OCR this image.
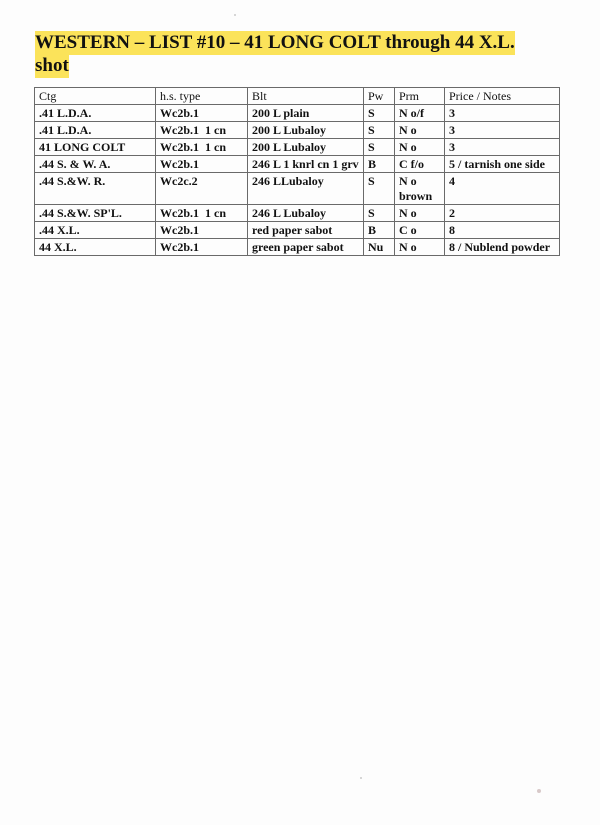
WESTERN – LIST #10 – 41 LONG COLT through 44 X.L.
shot
Ctg	h.s. type	Blt	Pw	Prm	Price / Notes
.41 L.D.A.	Wc2b.1	200 L plain	S	N o/f	3
.41 L.D.A.	Wc2b.1  1 cn	200 L Lubaloy	S	N o	3
41 LONG COLT	Wc2b.1  1 cn	200 L Lubaloy	S	N o	3
.44 S. & W. A.	Wc2b.1	246 L 1 knrl cn 1 grv	B	C f/o	5 / tarnish one side
.44 S.&W. R.	Wc2c.2	246 LLubaloy	S	N o brown	4
.44 S.&W. SP'L.	Wc2b.1  1 cn	246 L Lubaloy	S	N o	2
.44 X.L.	Wc2b.1	red paper sabot	B	C o	8
44 X.L.	Wc2b.1	green paper sabot	Nu	N o	8 / Nublend powder
